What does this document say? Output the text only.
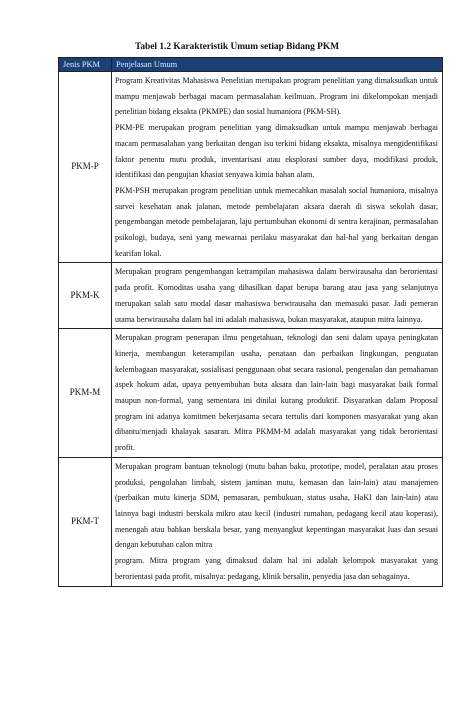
Tabel 1.2 Karakteristik Umum setiap Bidang PKM
Jenis PKM	Penjelasan Umum
PKM-P	Program Kreativitas Mahasiswa Penelitian merupakan program penelitian yang dimaksudkan untuk mampu menjawab berbagai macam permasalahan keilmuan. Program ini dikelompokan menjadi penelitian bidang eksakta (PKMPE) dan sosial humaniora (PKM-SH).
PKM-PE merupakan program penelitian yang dimaksudkan untuk mampu menjawab berbagai macam permasalahan yang berkaitan dengan isu terkini bidang eksakta, misalnya mengidentifikasi faktor penentu mutu produk, inventarisasi atau eksplorasi sumber daya, modifikasi produk, identifikasi dan pengujian khasiat senyawa kimia bahan alam.
PKM-PSH merupakan program penelitian untuk memecahkan masalah social humaniora, misalnya survei kesehatan anak jalanan, metode pembelajaran aksara daerah di siswa sekolah dasar, pengembangan metode pembelajaran, laju pertumbuhan ekonomi di sentra kerajinan, permasalahan psikologi, budaya, seni yang mewarnai perilaku masyarakat dan hal-hal yang berkaitan dengan kearifan lokal.

PKM-K	Merupakan program pengembangan ketrampilan mahasiswa dalam berwirausaha dan berorientasi pada profit. Komoditas usaha yang dihasilkan dapat berupa barang atau jasa yang selanjutnya merupakan salah satu modal dasar mahasiswa berwirausaha dan memasuki pasar. Jadi pemeran utama berwirausaha dalam hal ini adalah mahasiswa, bukan masyarakat, ataupun mitra lainnya.

PKM-M	Merupakan program penerapan ilmu pengetahuan, teknologi dan seni dalam upaya peningkatan kinerja, membangun keterampilan usaha, penataan dan perbaikan lingkungan, penguatan kelembagaan masyarakat, sosialisasi penggunaan obat secara rasional, pengenalan dan pemahaman aspek hokum adat, upaya penyembuhan buta aksara dan lain-lain bagi masyarakat baik formal maupun non-formal, yang sementara ini dinilai kurang produktif. Disyaratkan dalam Proposal program ini adanya komitmen bekerjasama secara tertulis dari komponen masyarakat yang akan dibantu/menjadi khalayak sasaran. Mitra PKMM-M adalah masyarakat yang tidak berorientasi profit.

PKM-T	Merupakan program bantuan teknologi (mutu bahan baku, prototipe, model, peralatan atau proses produksi, pengolahan limbah, sistem jaminan mutu, kemasan dan lain-lain) atau manajemen (perbaikan mutu kinerja SDM, pemasaran, pembukuan, status usaha, HaKI dan lain-lain) atau lainnya bagi industri berskala mikro atau kecil (industri rumahan, pedagang kecil atau koperasi), menengah atau bahkan berskala besar, yang menyangkut kepentingan masyarakat luas dan sesuai dengan kebutuhan calon mitra
program. Mitra program yang dimaksud dalam hal ini adalah kelompok masyarakat yang berorientasi pada profit, misalnya: pedagang, klinik bersalin, penyedia jasa dan sebagainya.
